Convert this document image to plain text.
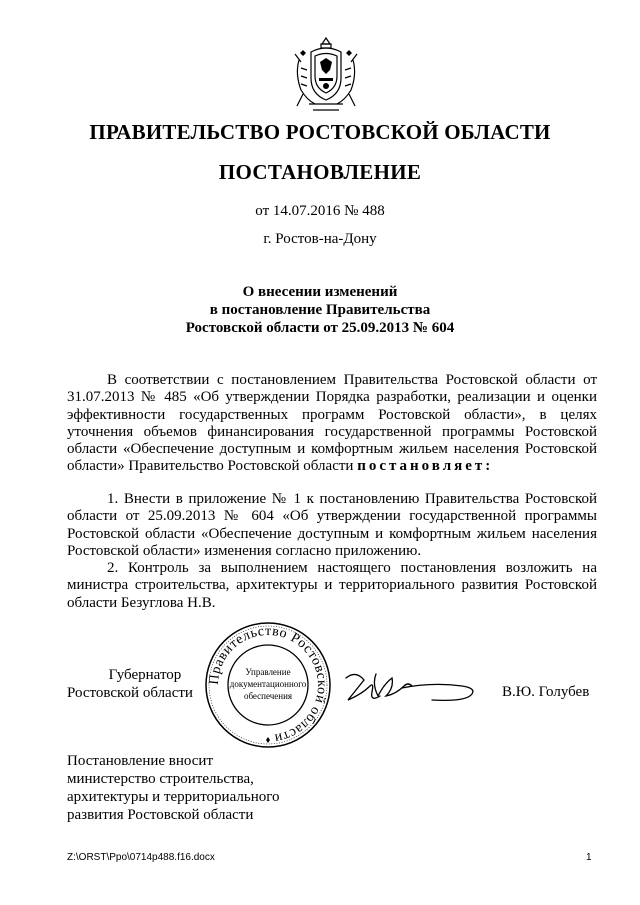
ПРАВИТЕЛЬСТВО РОСТОВСКОЙ ОБЛАСТИ
ПОСТАНОВЛЕНИЕ
от 14.07.2016 № 488
г. Ростов-на-Дону
О внесении изменений
в постановление Правительства
Ростовской области от 25.09.2013 № 604
В соответствии с постановлением Правительства Ростовской области от 31.07.2013 № 485 «Об утверждении Порядка разработки, реализации и оценки эффективности государственных программ Ростовской области», в целях уточнения объемов финансирования государственной программы Ростовской области «Обеспечение доступным и комфортным жильем населения Ростовской области» Правительство Ростовской области постановляет:
1. Внести в приложение № 1 к постановлению Правительства Ростовской области от 25.09.2013 № 604 «Об утверждении государственной программы Ростовской области «Обеспечение доступным и комфортным жильем населения Ростовской области» изменения согласно приложению.
2. Контроль за выполнением настоящего постановления возложить на министра строительства, архитектуры и территориального развития Ростовской области Безуглова Н.В.
Губернатор
Ростовской области
Правительство Ростовской области
Управление
документационного
обеспечения	В.Ю. Голубев
Постановление вносит
министерство строительства,
архитектуры и территориального
развития Ростовской области
Z:\ORST\Ppo\0714p488.f16.docx	1
